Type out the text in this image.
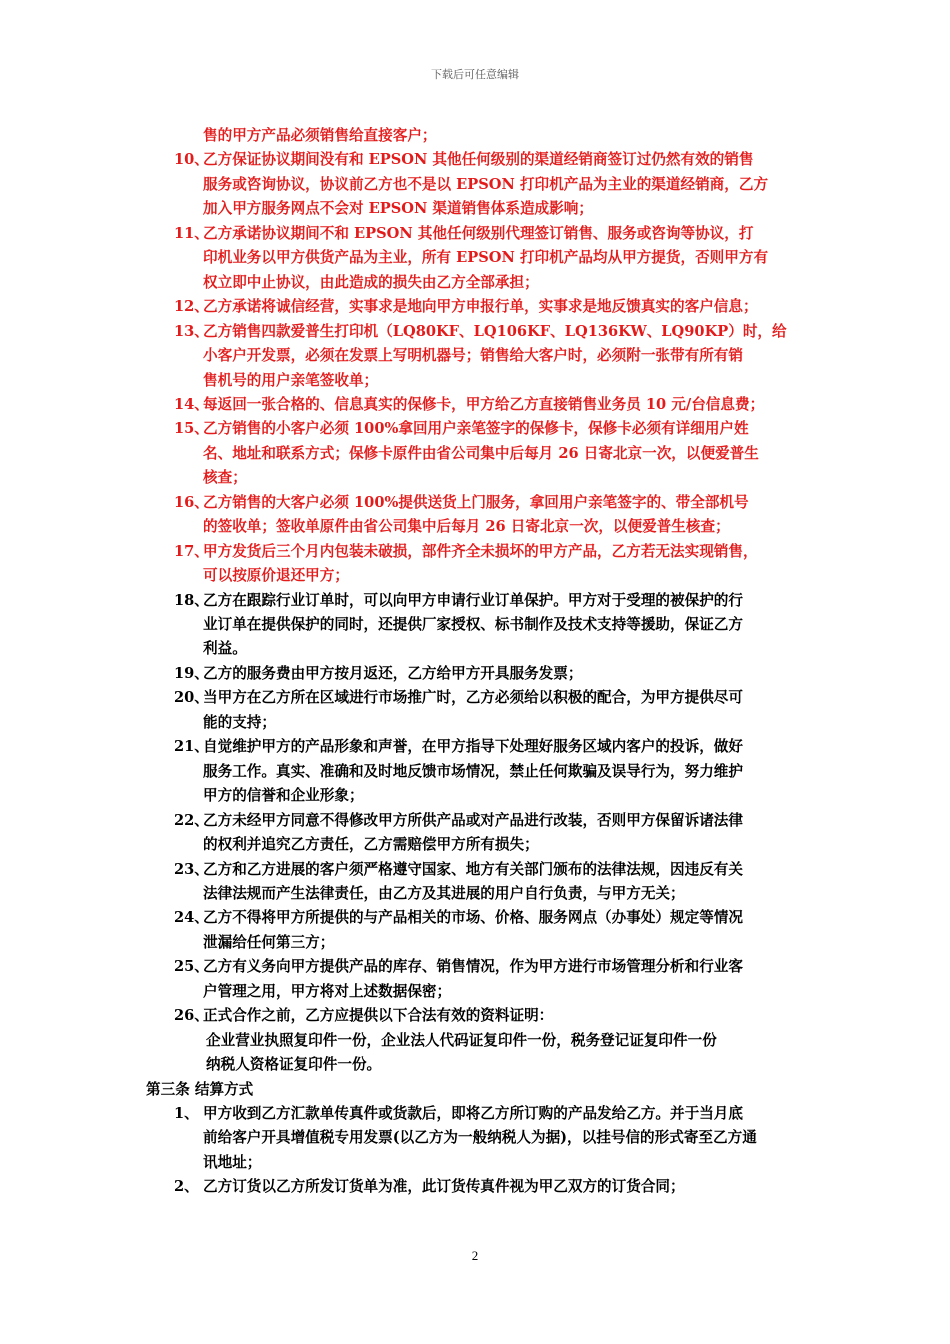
下载后可任意编辑
售的甲方产品必须销售给直接客户；
10、
乙方保证协议期间没有和 EPSON 其他任何级别的渠道经销商签订过仍然有效的销售
服务或咨询协议，协议前乙方也不是以 EPSON 打印机产品为主业的渠道经销商，乙方
加入甲方服务网点不会对 EPSON 渠道销售体系造成影响；
11、
乙方承诺协议期间不和 EPSON 其他任何级别代理签订销售、服务或咨询等协议，打
印机业务以甲方供货产品为主业，所有 EPSON 打印机产品均从甲方提货，否则甲方有
权立即中止协议，由此造成的损失由乙方全部承担；
12、
乙方承诺将诚信经营，实事求是地向甲方申报行单，实事求是地反馈真实的客户信息；
13、
乙方销售四款爱普生打印机（LQ80KF、LQ106KF、LQ136KW、LQ90KP）时，给
小客户开发票，必须在发票上写明机器号；销售给大客户时，必须附一张带有所有销
售机号的用户亲笔签收单；
14、
每返回一张合格的、信息真实的保修卡，甲方给乙方直接销售业务员 10 元/台信息费；
15、
乙方销售的小客户必须 100%拿回用户亲笔签字的保修卡，保修卡必须有详细用户姓
名、地址和联系方式；保修卡原件由省公司集中后每月 26 日寄北京一次，以便爱普生
核查；
16、
乙方销售的大客户必须 100%提供送货上门服务，拿回用户亲笔签字的、带全部机号
的签收单；签收单原件由省公司集中后每月 26 日寄北京一次，以便爱普生核查；
17、
甲方发货后三个月内包装未破损，部件齐全未损坏的甲方产品，乙方若无法实现销售，
可以按原价退还甲方；
18、
乙方在跟踪行业订单时，可以向甲方申请行业订单保护。甲方对于受理的被保护的行
业订单在提供保护的同时，还提供厂家授权、标书制作及技术支持等援助，保证乙方
利益。
19、
乙方的服务费由甲方按月返还，乙方给甲方开具服务发票；
20、
当甲方在乙方所在区域进行市场推广时，乙方必须给以积极的配合，为甲方提供尽可
能的支持；
21、
自觉维护甲方的产品形象和声誉，在甲方指导下处理好服务区域内客户的投诉，做好
服务工作。真实、准确和及时地反馈市场情况，禁止任何欺骗及误导行为，努力维护
甲方的信誉和企业形象；
22、
乙方未经甲方同意不得修改甲方所供产品或对产品进行改装，否则甲方保留诉诸法律
的权利并追究乙方责任，乙方需赔偿甲方所有损失；
23、
乙方和乙方进展的客户须严格遵守国家、地方有关部门颁布的法律法规，因违反有关
法律法规而产生法律责任，由乙方及其进展的用户自行负责，与甲方无关；
24、
乙方不得将甲方所提供的与产品相关的市场、价格、服务网点（办事处）规定等情况
泄漏给任何第三方；
25、
乙方有义务向甲方提供产品的库存、销售情况，作为甲方进行市场管理分析和行业客
户管理之用，甲方将对上述数据保密；
26、
正式合作之前，乙方应提供以下合法有效的资料证明：
企业营业执照复印件一份，企业法人代码证复印件一份，税务登记证复印件一份
纳税人资格证复印件一份。
第三条 结算方式
1、 甲方收到乙方汇款单传真件或货款后，即将乙方所订购的产品发给乙方。并于当月底
前给客户开具增值税专用发票(以乙方为一般纳税人为据)，以挂号信的形式寄至乙方通
讯地址；
2、 乙方订货以乙方所发订货单为准，此订货传真件视为甲乙双方的订货合同；
2
